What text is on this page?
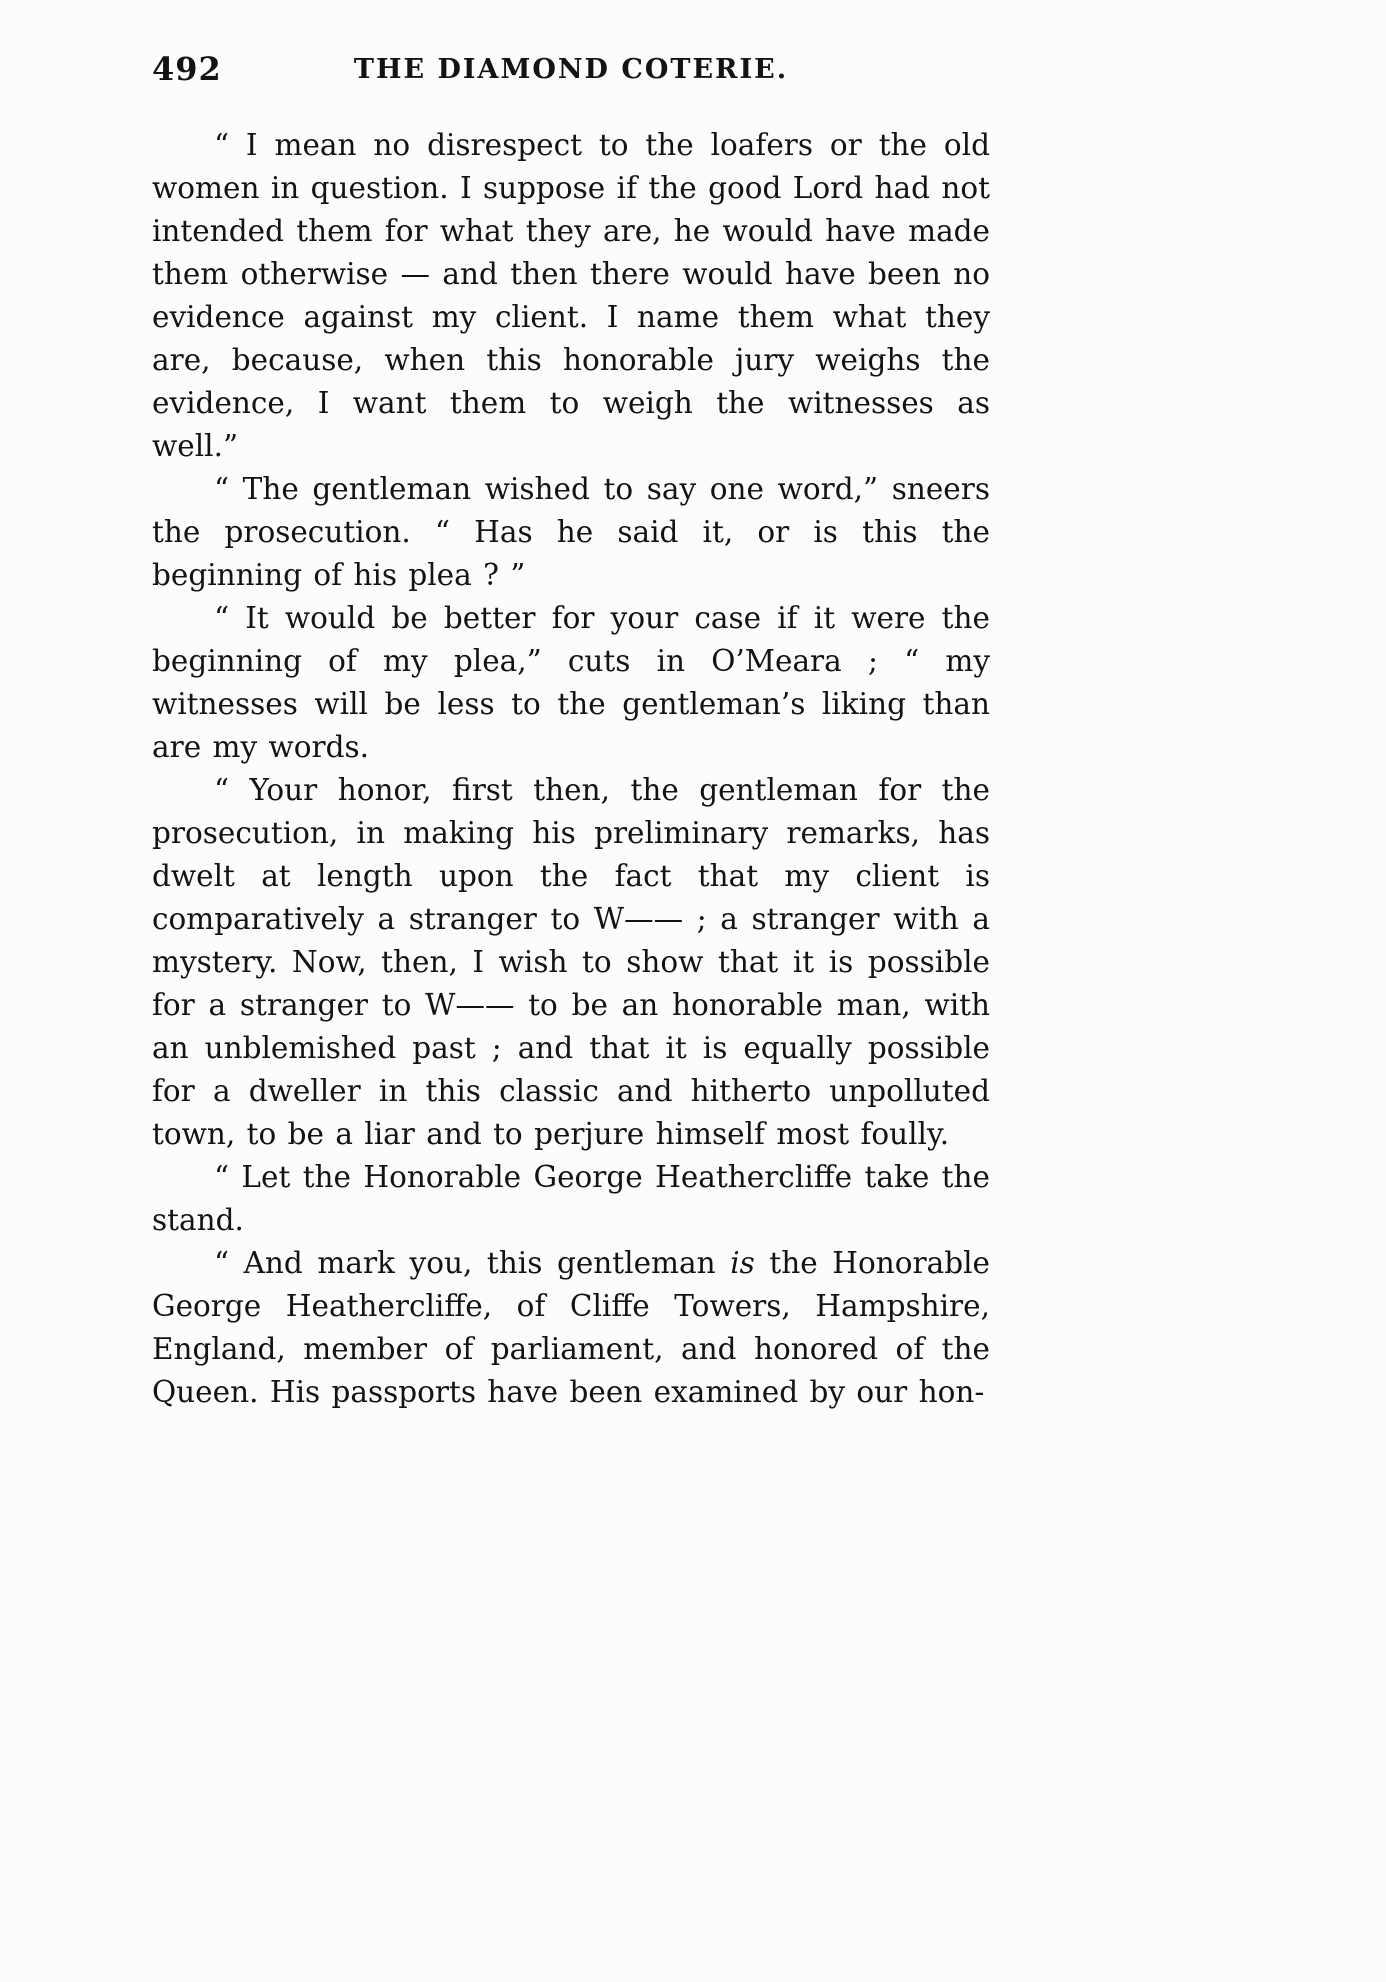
492	THE DIAMOND COTERIE.

“ I mean no disrespect to the loafers or the old women in question. I suppose if the good Lord had not intended them for what they are, he would have made them otherwise — and then there would have been no evidence against my client. I name them what they are, because, when this honorable jury weighs the evidence, I want them to weigh the witnesses as well.”

“ The gentleman wished to say one word,” sneers the prosecution. “ Has he said it, or is this the beginning of his plea ? ”

“ It would be better for your case if it were the beginning of my plea,” cuts in O’Meara ; “ my witnesses will be less to the gentleman’s liking than are my words.

“ Your honor, first then, the gentleman for the prosecution, in making his preliminary remarks, has dwelt at length upon the fact that my client is comparatively a stranger to W—— ; a stranger with a mystery. Now, then, I wish to show that it is possible for a stranger to W—— to be an honorable man, with an unblemished past ; and that it is equally possible for a dweller in this classic and hitherto unpolluted town, to be a liar and to perjure himself most foully.

“ Let the Honorable George Heathercliffe take the stand.

“ And mark you, this gentleman is the Honorable George Heathercliffe, of Cliffe Towers, Hampshire, England, member of parliament, and honored of the Queen. His passports have been examined by our hon-
